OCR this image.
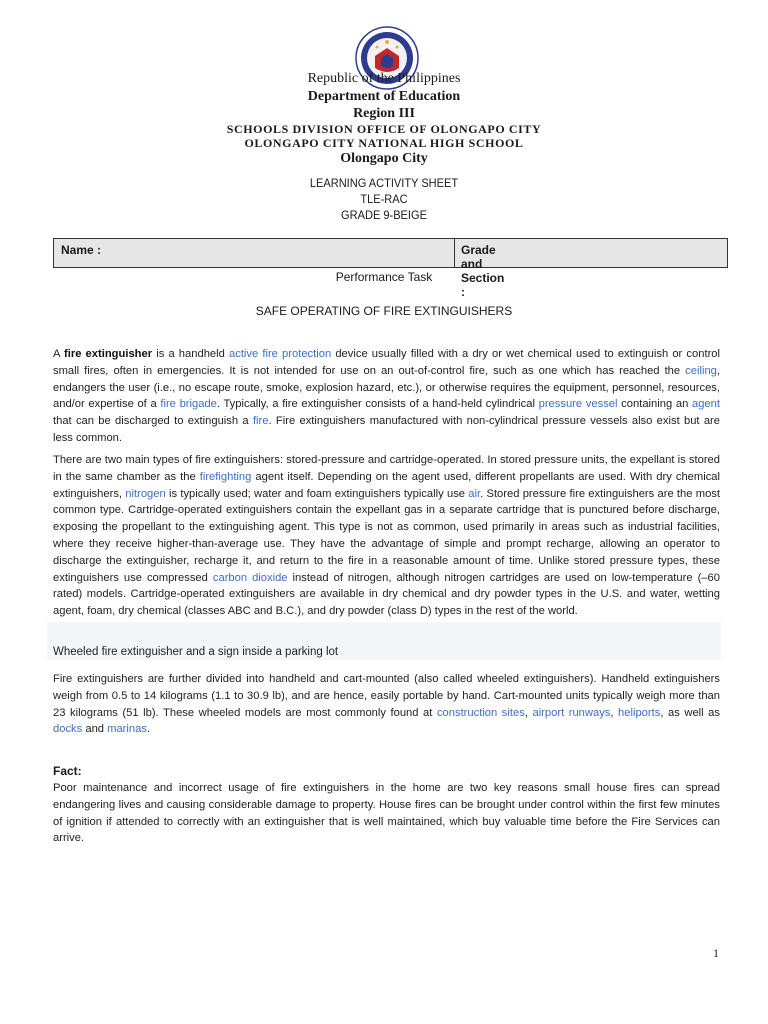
Republic of the Philippines
Department of Education
Region III
SCHOOLS DIVISION OFFICE OF OLONGAPO CITY
OLONGAPO CITY NATIONAL HIGH SCHOOL
Olongapo City
LEARNING ACTIVITY SHEET
TLE-RAC
GRADE 9-BEIGE
Name :	Grade and Section :
Performance Task
SAFE OPERATING OF FIRE EXTINGUISHERS
A fire extinguisher is a handheld active fire protection device usually filled with a dry or wet chemical used to extinguish or control small fires, often in emergencies. It is not intended for use on an out-of-control fire, such as one which has reached the ceiling, endangers the user (i.e., no escape route, smoke, explosion hazard, etc.), or otherwise requires the equipment, personnel, resources, and/or expertise of a fire brigade. Typically, a fire extinguisher consists of a hand-held cylindrical pressure vessel containing an agent that can be discharged to extinguish a fire. Fire extinguishers manufactured with non-cylindrical pressure vessels also exist but are less common.
There are two main types of fire extinguishers: stored-pressure and cartridge-operated. In stored pressure units, the expellant is stored in the same chamber as the firefighting agent itself. Depending on the agent used, different propellants are used. With dry chemical extinguishers, nitrogen is typically used; water and foam extinguishers typically use air. Stored pressure fire extinguishers are the most common type. Cartridge-operated extinguishers contain the expellant gas in a separate cartridge that is punctured before discharge, exposing the propellant to the extinguishing agent. This type is not as common, used primarily in areas such as industrial facilities, where they receive higher-than-average use. They have the advantage of simple and prompt recharge, allowing an operator to discharge the extinguisher, recharge it, and return to the fire in a reasonable amount of time. Unlike stored pressure types, these extinguishers use compressed carbon dioxide instead of nitrogen, although nitrogen cartridges are used on low-temperature (–60 rated) models. Cartridge-operated extinguishers are available in dry chemical and dry powder types in the U.S. and water, wetting agent, foam, dry chemical (classes ABC and B.C.), and dry powder (class D) types in the rest of the world.
Wheeled fire extinguisher and a sign inside a parking lot
Fire extinguishers are further divided into handheld and cart-mounted (also called wheeled extinguishers). Handheld extinguishers weigh from 0.5 to 14 kilograms (1.1 to 30.9 lb), and are hence, easily portable by hand. Cart-mounted units typically weigh more than 23 kilograms (51 lb). These wheeled models are most commonly found at construction sites, airport runways, heliports, as well as docks and marinas.
Fact:
Poor maintenance and incorrect usage of fire extinguishers in the home are two key reasons small house fires can spread endangering lives and causing considerable damage to property. House fires can be brought under control within the first few minutes of ignition if attended to correctly with an extinguisher that is well maintained, which buy valuable time before the Fire Services can arrive.
1
